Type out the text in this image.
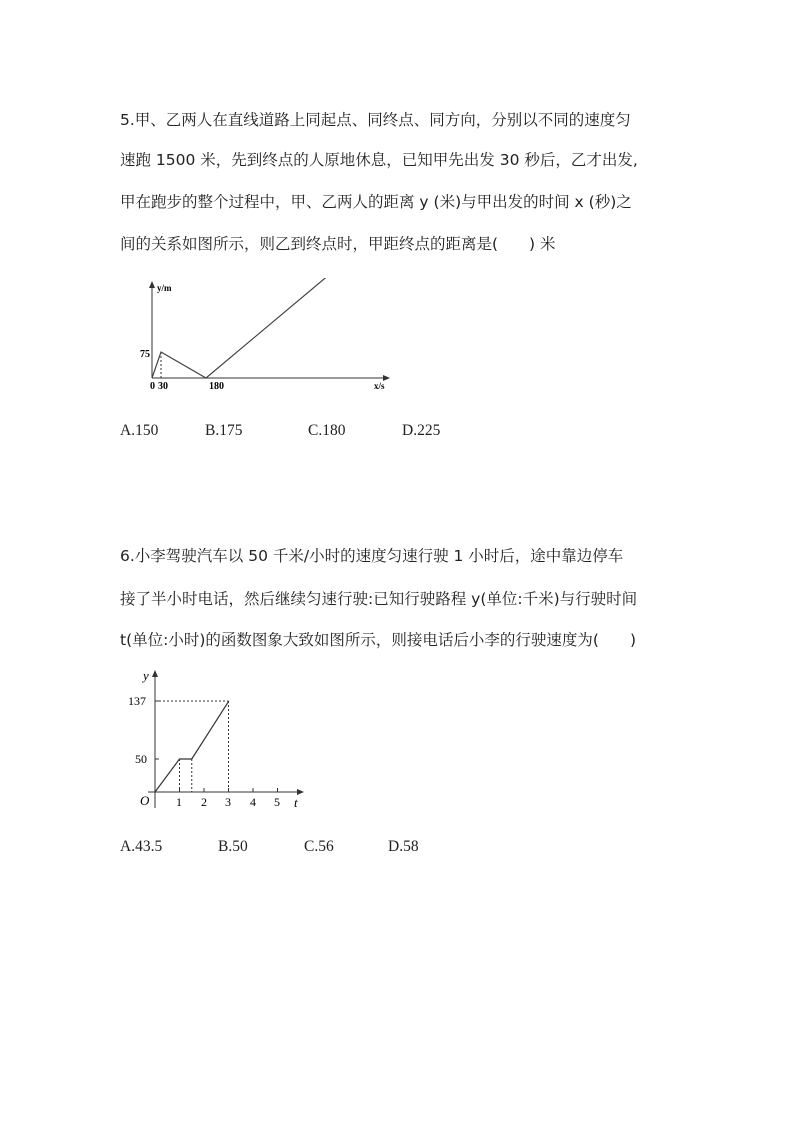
5.甲、乙两人在直线道路上同起点、同终点、同方向，分别以不同的速度匀
速跑 1500 米，先到终点的人原地休息，已知甲先出发 30 秒后，乙才出发,
甲在跑步的整个过程中，甲、乙两人的距离 y (米)与甲出发的时间 x (秒)之
间的关系如图所示，则乙到终点时，甲距终点的距离是(　　) 米
y/m
x/s
75
0 30	180
A.150	B.175	C.180	D.225
6.小李驾驶汽车以 50 千米/小时的速度匀速行驶 1 小时后，途中靠边停车
接了半小时电话，然后继续匀速行驶:已知行驶路程 y(单位:千米)与行驶时间
t(单位:小时)的函数图象大致如图所示，则接电话后小李的行驶速度为(　　)
y
t
O
50
137
1 2 3 4 5
A.43.5	B.50	C.56	D.58
